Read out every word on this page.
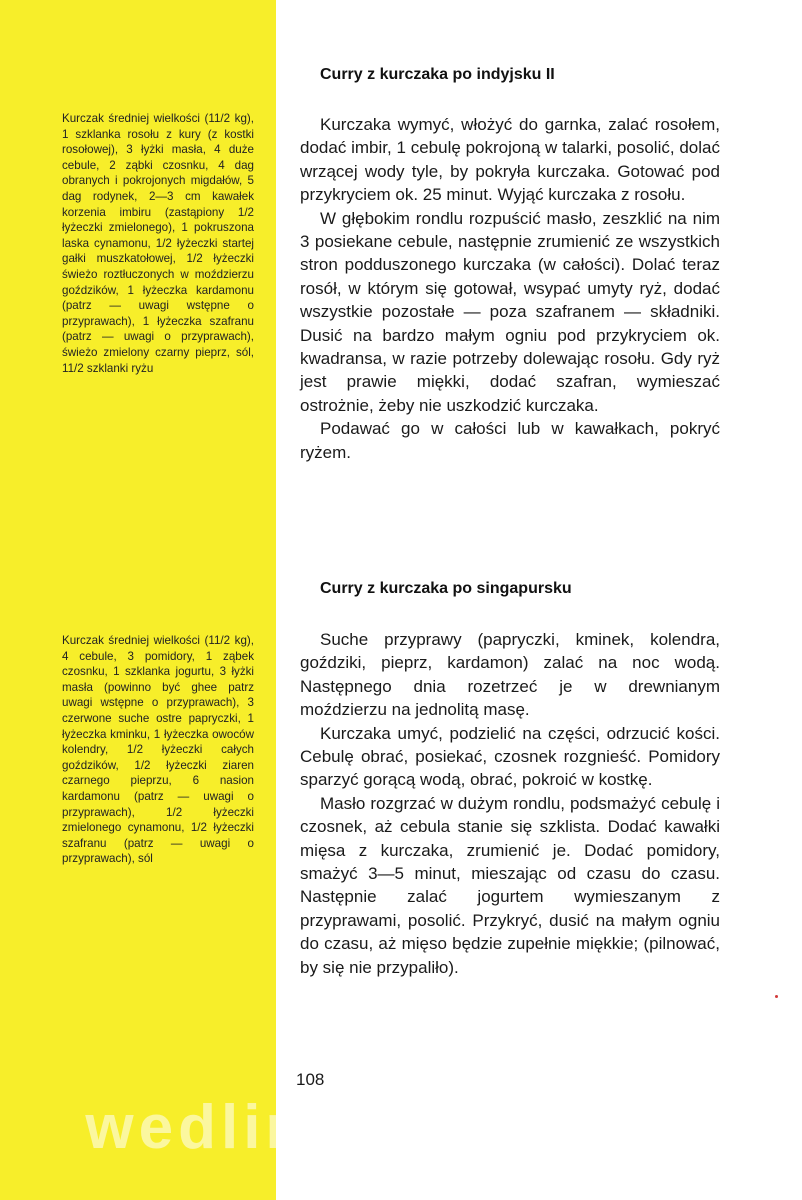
Kurczak średniej wielkości (11/2 kg), 1 szklanka rosołu z kury (z kostki rosołowej), 3 łyżki masła, 4 duże cebule, 2 ząbki czosnku, 4 dag obranych i pokrojonych migdałów, 5 dag rodynek, 2—3 cm kawałek korzenia imbiru (zastąpiony 1/2 łyżeczki zmielonego), 1 pokruszona laska cynamonu, 1/2 łyżeczki startej gałki muszkatołowej, 1/2 łyżeczki świeżo roztłuczonych w moździerzu goździków, 1 łyżeczka kardamonu (patrz — uwagi wstępne o przyprawach), 1 łyżeczka szafranu (patrz — uwagi o przyprawach), świeżo zmielony czarny pieprz, sól, 11/2 szklanki ryżu
Curry z kurczaka po indyjsku II

Kurczaka wymyć, włożyć do garnka, zalać rosołem, dodać imbir, 1 cebulę pokrojoną w talarki, posolić, dolać wrzącej wody tyle, by pokryła kurczaka. Gotować pod przykryciem ok. 25 minut. Wyjąć kurczaka z rosołu.

W głębokim rondlu rozpuścić masło, zeszklić na nim 3 posiekane cebule, następnie zrumienić ze wszystkich stron podduszonego kurczaka (w całości). Dolać teraz rosół, w którym się gotował, wsypać umyty ryż, dodać wszystkie pozostałe — poza szafranem — składniki. Dusić na bardzo małym ogniu pod przykryciem ok. kwadransa, w razie potrzeby dolewając rosołu. Gdy ryż jest prawie miękki, dodać szafran, wymieszać ostrożnie, żeby nie uszkodzić kurczaka.

Podawać go w całości lub w kawałkach, pokryć ryżem.

Kurczak średniej wielkości (11/2 kg), 4 cebule, 3 pomidory, 1 ząbek czosnku, 1 szklanka jogurtu, 3 łyżki masła (powinno być ghee patrz uwagi wstępne o przyprawach), 3 czerwone suche ostre papryczki, 1 łyżeczka kminku, 1 łyżeczka owoców kolendry, 1/2 łyżeczki całych goździków, 1/2 łyżeczki ziaren czarnego pieprzu, 6 nasion kardamonu (patrz — uwagi o przyprawach), 1/2 łyżeczki zmielonego cynamonu, 1/2 łyżeczki szafranu (patrz — uwagi o przyprawach), sól
Curry z kurczaka po singapursku

Suche przyprawy (papryczki, kminek, kolendra, goździki, pieprz, kardamon) zalać na noc wodą. Następnego dnia rozetrzeć je w drewnianym moździerzu na jednolitą masę.

Kurczaka umyć, podzielić na części, odrzucić kości. Cebulę obrać, posiekać, czosnek rozgnieść. Pomidory sparzyć gorącą wodą, obrać, pokroić w kostkę.

Masło rozgrzać w dużym rondlu, podsmażyć cebulę i czosnek, aż cebula stanie się szklista. Dodać kawałki mięsa z kurczaka, zrumienić je. Dodać pomidory, smażyć 3—5 minut, mieszając od czasu do czasu. Następnie zalać jogurtem wymieszanym z przyprawami, posolić. Przykryć, dusić na małym ogniu do czasu, aż mięso będzie zupełnie miękkie; (pilnować, by się nie przypaliło).

108
wedlinydomowe.pl
